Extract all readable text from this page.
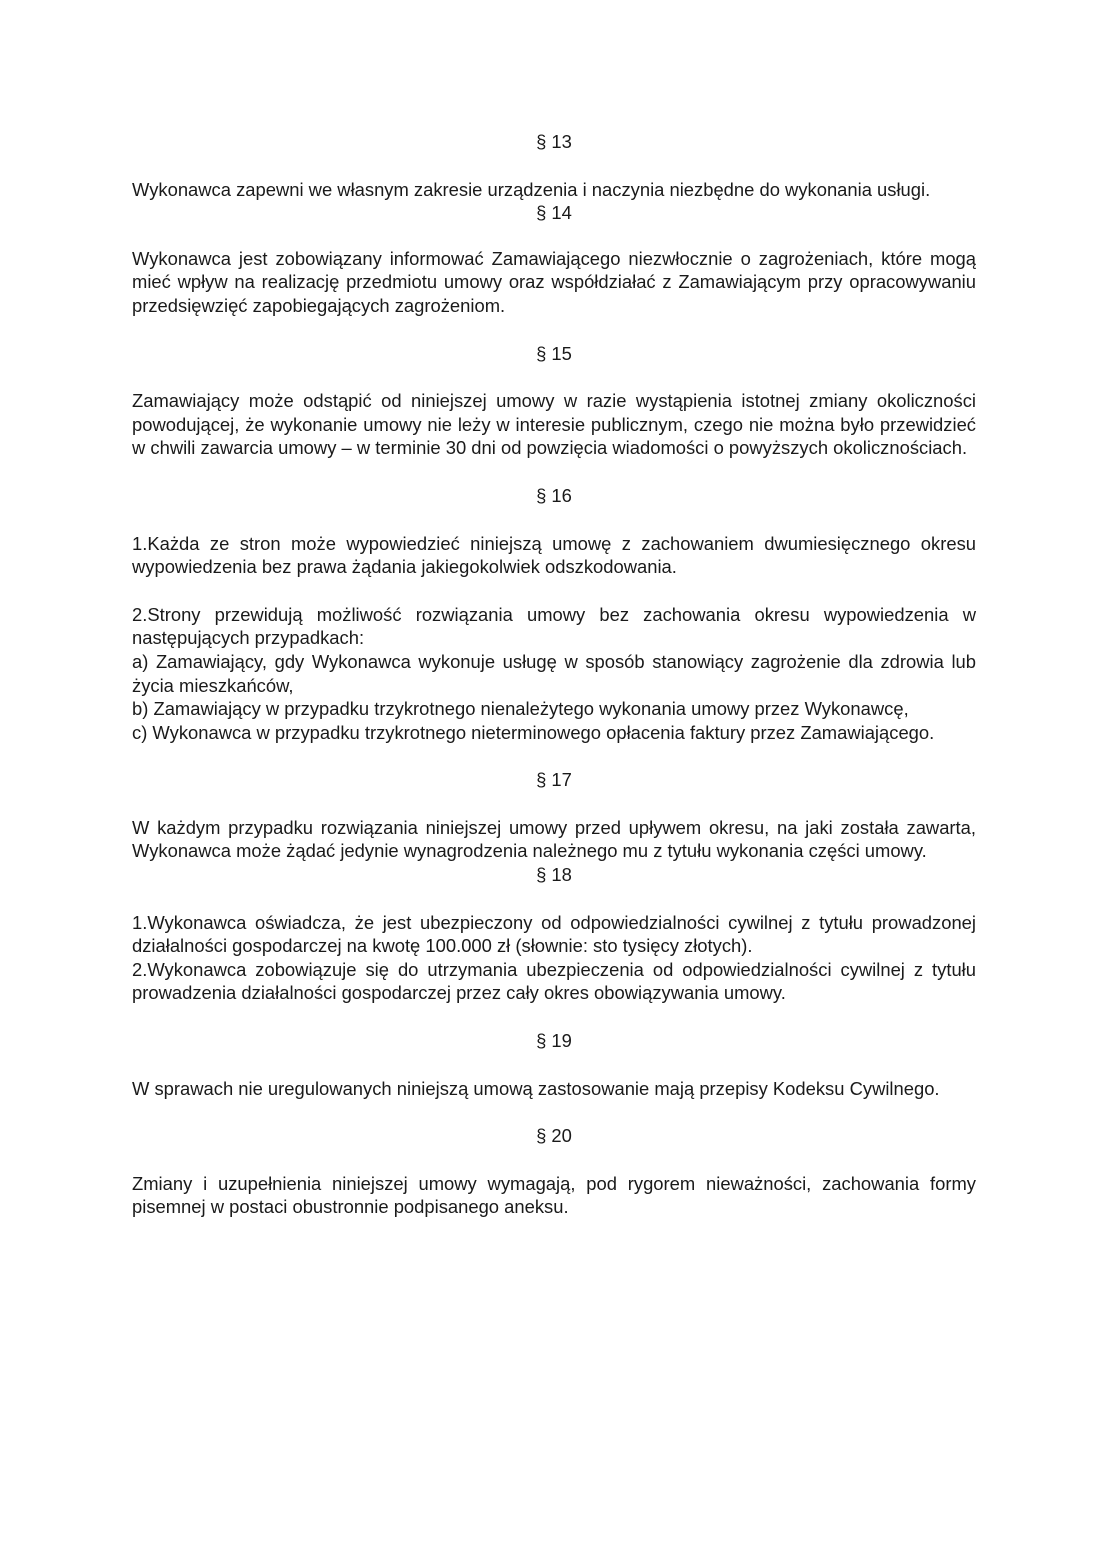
§ 13

Wykonawca zapewni we własnym zakresie urządzenia i naczynia niezbędne do wykonania usługi.

§ 14

Wykonawca jest zobowiązany informować Zamawiającego niezwłocznie o zagrożeniach, które mogą mieć wpływ na realizację przedmiotu umowy oraz współdziałać z Zamawiającym przy opracowywaniu przedsięwzięć zapobiegających zagrożeniom.

§ 15

Zamawiający może odstąpić od niniejszej umowy w razie wystąpienia istotnej zmiany okoliczności powodującej, że wykonanie umowy nie leży w interesie publicznym, czego nie można było przewidzieć w chwili zawarcia umowy – w terminie 30 dni od powzięcia wiadomości o powyższych okolicznościach.

§ 16

1.Każda ze stron może wypowiedzieć niniejszą umowę z zachowaniem dwumiesięcznego okresu wypowiedzenia bez prawa żądania jakiegokolwiek odszkodowania.

2.Strony przewidują możliwość rozwiązania umowy bez zachowania okresu wypowiedzenia w następujących przypadkach:

a) Zamawiający, gdy Wykonawca wykonuje usługę w sposób stanowiący zagrożenie dla zdrowia lub życia mieszkańców,

b) Zamawiający w przypadku trzykrotnego nienależytego wykonania umowy przez Wykonawcę,

c) Wykonawca w przypadku trzykrotnego nieterminowego opłacenia faktury przez Zamawiającego.

§ 17

W każdym przypadku rozwiązania niniejszej umowy przed upływem okresu, na jaki została zawarta, Wykonawca może żądać jedynie wynagrodzenia należnego mu z tytułu wykonania części umowy.

§ 18

1.Wykonawca oświadcza, że jest ubezpieczony od odpowiedzialności cywilnej z tytułu prowadzonej działalności gospodarczej na kwotę 100.000 zł (słownie: sto tysięcy złotych).

2.Wykonawca zobowiązuje się do utrzymania ubezpieczenia od odpowiedzialności cywilnej z tytułu prowadzenia działalności gospodarczej przez cały okres obowiązywania umowy.

§ 19

W sprawach nie uregulowanych niniejszą umową zastosowanie mają przepisy Kodeksu Cywilnego.

§ 20

Zmiany i uzupełnienia niniejszej umowy wymagają, pod rygorem nieważności, zachowania formy pisemnej w postaci obustronnie podpisanego aneksu.
